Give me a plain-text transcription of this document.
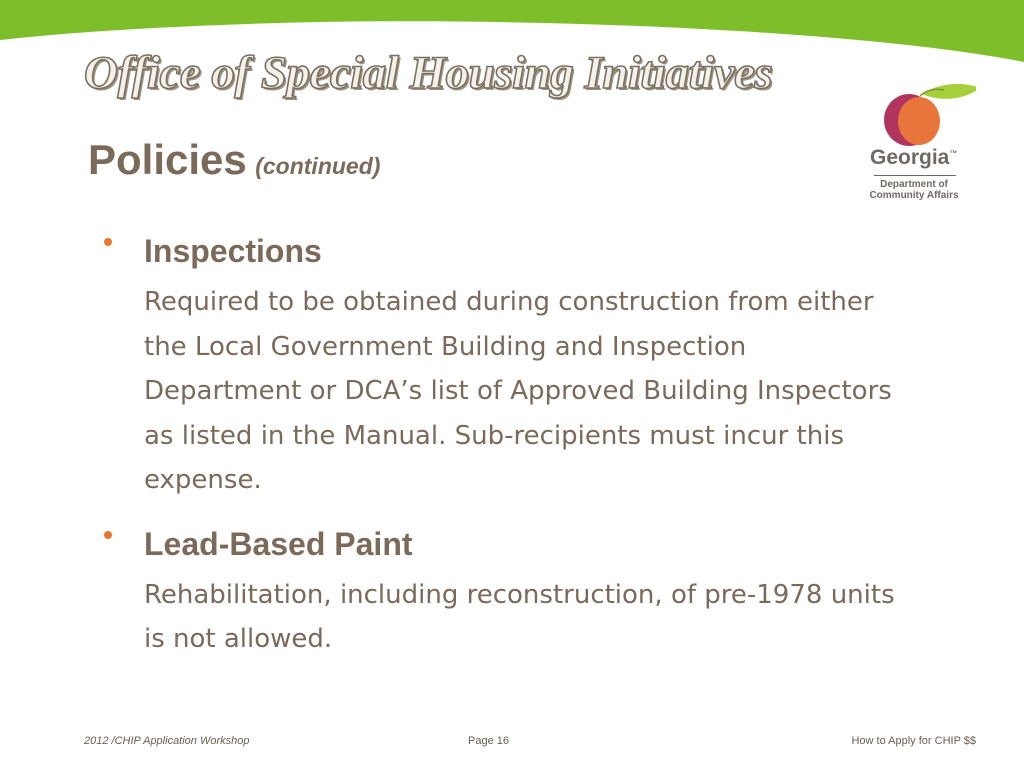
Office of Special Housing Initiatives
Policies (continued)	Georgia™
Department of
Community Affairs
Inspections
Required to be obtained during construction from either the Local Government Building and Inspection Department or DCA’s list of Approved Building Inspectors as listed in the Manual. Sub-recipients must incur this expense.
Lead-Based Paint
Rehabilitation, including reconstruction, of pre-1978 units is not allowed.
2012 /CHIP Application Workshop	Page 16	How to Apply for CHIP $$
